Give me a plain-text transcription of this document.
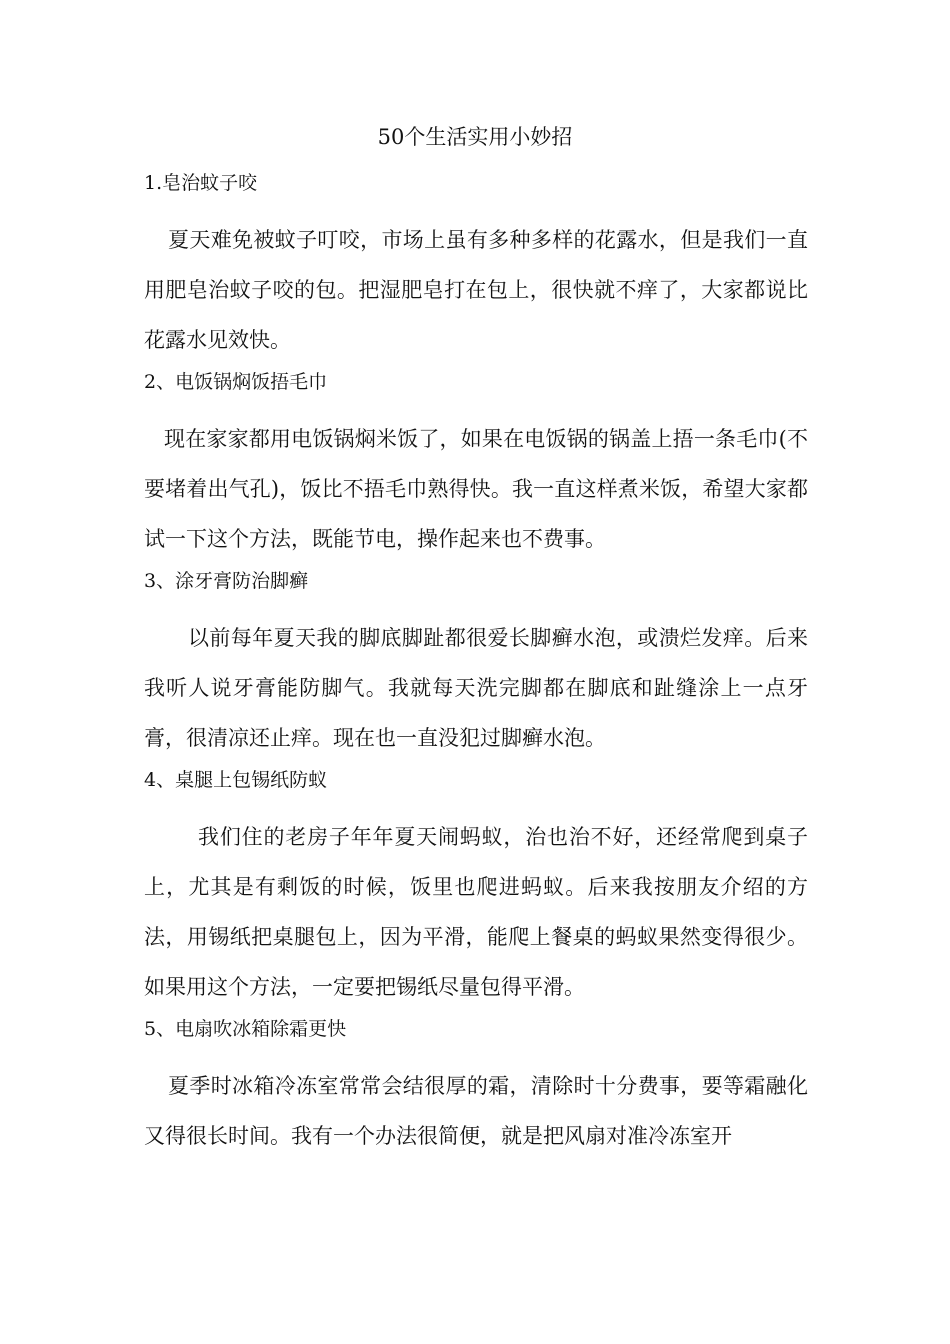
50个生活实用小妙招
1.皂治蚊子咬
夏天难免被蚊子叮咬，市场上虽有多种多样的花露水，但是我们一直用肥皂治蚊子咬的包。把湿肥皂打在包上，很快就不痒了，大家都说比花露水见效快。
2、电饭锅焖饭捂毛巾
现在家家都用电饭锅焖米饭了，如果在电饭锅的锅盖上捂一条毛巾(不要堵着出气孔)，饭比不捂毛巾熟得快。我一直这样煮米饭，希望大家都试一下这个方法，既能节电，操作起来也不费事。
3、涂牙膏防治脚癣
以前每年夏天我的脚底脚趾都很爱长脚癣水泡，或溃烂发痒。后来我听人说牙膏能防脚气。我就每天洗完脚都在脚底和趾缝涂上一点牙膏，很清凉还止痒。现在也一直没犯过脚癣水泡。
4、桌腿上包锡纸防蚁
我们住的老房子年年夏天闹蚂蚁，治也治不好，还经常爬到桌子上，尤其是有剩饭的时候，饭里也爬进蚂蚁。后来我按朋友介绍的方法，用锡纸把桌腿包上，因为平滑，能爬上餐桌的蚂蚁果然变得很少。如果用这个方法，一定要把锡纸尽量包得平滑。
5、电扇吹冰箱除霜更快
夏季时冰箱冷冻室常常会结很厚的霜，清除时十分费事，要等霜融化又得很长时间。我有一个办法很简便，就是把风扇对准冷冻室开
